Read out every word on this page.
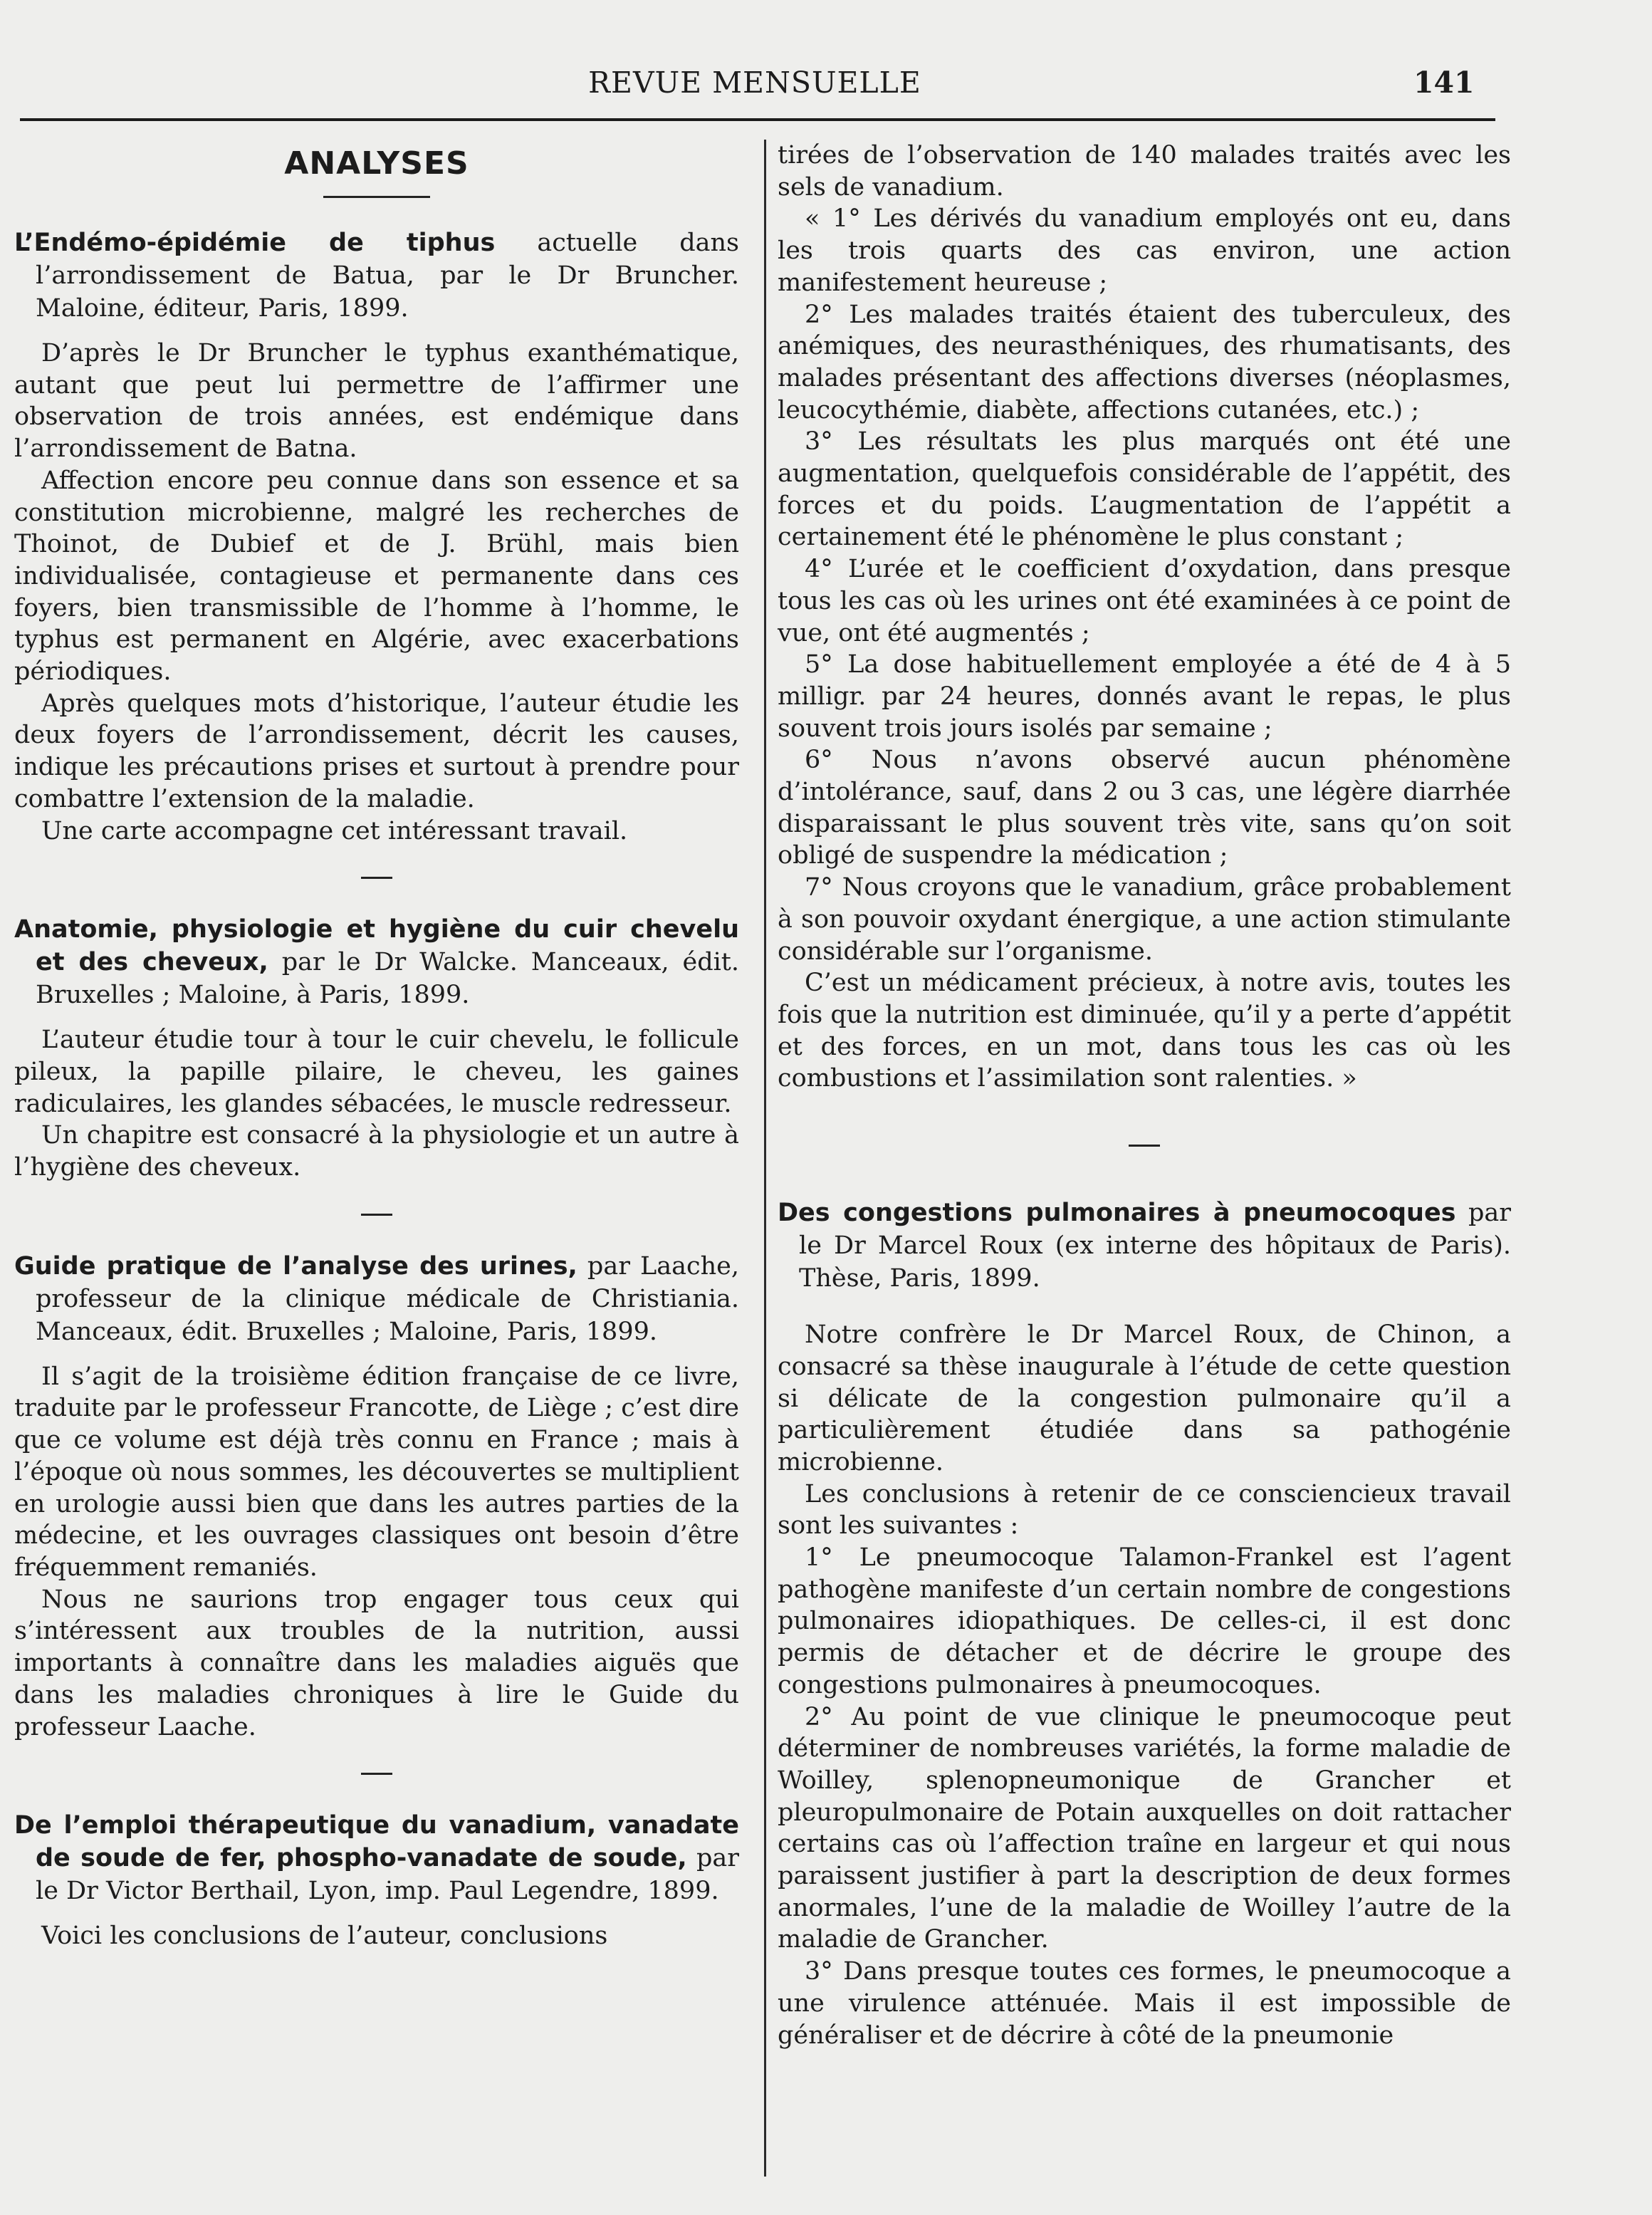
REVUE MENSUELLE	141
ANALYSES
L’Endémo-épidémie de tiphus actuelle dans l’arrondissement de Batua, par le Dr Bruncher. Maloine, éditeur, Paris, 1899.

D’après le Dr Bruncher le typhus exanthématique, autant que peut lui permettre de l’affirmer une observation de trois années, est endémique dans l’arrondissement de Batna.

Affection encore peu connue dans son essence et sa constitution microbienne, malgré les recherches de Thoinot, de Dubief et de J. Brühl, mais bien individualisée, contagieuse et permanente dans ces foyers, bien transmissible de l’homme à l’homme, le typhus est permanent en Algérie, avec exacerbations périodiques.

Après quelques mots d’historique, l’auteur étudie les deux foyers de l’arrondissement, décrit les causes, indique les précautions prises et surtout à prendre pour combattre l’extension de la maladie.

Une carte accompagne cet intéressant travail.

Anatomie, physiologie et hygiène du cuir chevelu et des cheveux, par le Dr Walcke. Manceaux, édit. Bruxelles ; Maloine, à Paris, 1899.

L’auteur étudie tour à tour le cuir chevelu, le follicule pileux, la papille pilaire, le cheveu, les gaines radiculaires, les glandes sébacées, le muscle redresseur.

Un chapitre est consacré à la physiologie et un autre à l’hygiène des cheveux.

Guide pratique de l’analyse des urines, par Laache, professeur de la clinique médicale de Christiania. Manceaux, édit. Bruxelles ; Maloine, Paris, 1899.

Il s’agit de la troisième édition française de ce livre, traduite par le professeur Francotte, de Liège ; c’est dire que ce volume est déjà très connu en France ; mais à l’époque où nous sommes, les découvertes se multiplient en urologie aussi bien que dans les autres parties de la médecine, et les ouvrages classiques ont besoin d’être fréquemment remaniés.

Nous ne saurions trop engager tous ceux qui s’intéressent aux troubles de la nutrition, aussi importants à connaître dans les maladies aiguës que dans les maladies chroniques à lire le Guide du professeur Laache.

De l’emploi thérapeutique du vanadium, vanadate de soude de fer, phospho-vanadate de soude, par le Dr Victor Berthail, Lyon, imp. Paul Legendre, 1899.

Voici les conclusions de l’auteur, conclusions

tirées de l’observation de 140 malades traités avec les sels de vanadium.

« 1° Les dérivés du vanadium employés ont eu, dans les trois quarts des cas environ, une action manifestement heureuse ;

2° Les malades traités étaient des tuberculeux, des anémiques, des neurasthéniques, des rhumatisants, des malades présentant des affections diverses (néoplasmes, leucocythémie, diabète, affections cutanées, etc.) ;

3° Les résultats les plus marqués ont été une augmentation, quelquefois considérable de l’appétit, des forces et du poids. L’augmentation de l’appétit a certainement été le phénomène le plus constant ;

4° L’urée et le coefficient d’oxydation, dans presque tous les cas où les urines ont été examinées à ce point de vue, ont été augmentés ;

5° La dose habituellement employée a été de 4 à 5 milligr. par 24 heures, donnés avant le repas, le plus souvent trois jours isolés par semaine ;

6° Nous n’avons observé aucun phénomène d’intolérance, sauf, dans 2 ou 3 cas, une légère diarrhée disparaissant le plus souvent très vite, sans qu’on soit obligé de suspendre la médication ;

7° Nous croyons que le vanadium, grâce probablement à son pouvoir oxydant énergique, a une action stimulante considérable sur l’organisme.

C’est un médicament précieux, à notre avis, toutes les fois que la nutrition est diminuée, qu’il y a perte d’appétit et des forces, en un mot, dans tous les cas où les combustions et l’assimilation sont ralenties. »

Des congestions pulmonaires à pneumocoques par le Dr Marcel Roux (ex interne des hôpitaux de Paris). Thèse, Paris, 1899.

Notre confrère le Dr Marcel Roux, de Chinon, a consacré sa thèse inaugurale à l’étude de cette question si délicate de la congestion pulmonaire qu’il a particulièrement étudiée dans sa pathogénie microbienne.

Les conclusions à retenir de ce consciencieux travail sont les suivantes :

1° Le pneumocoque Talamon-Frankel est l’agent pathogène manifeste d’un certain nombre de congestions pulmonaires idiopathiques. De celles-ci, il est donc permis de détacher et de décrire le groupe des congestions pulmonaires à pneumocoques.

2° Au point de vue clinique le pneumocoque peut déterminer de nombreuses variétés, la forme maladie de Woilley, splenopneumonique de Grancher et pleuropulmonaire de Potain auxquelles on doit rattacher certains cas où l’affection traîne en largeur et qui nous paraissent justifier à part la description de deux formes anormales, l’une de la maladie de Woilley l’autre de la maladie de Grancher.

3° Dans presque toutes ces formes, le pneumocoque a une virulence atténuée. Mais il est impossible de généraliser et de décrire à côté de la pneumonie
